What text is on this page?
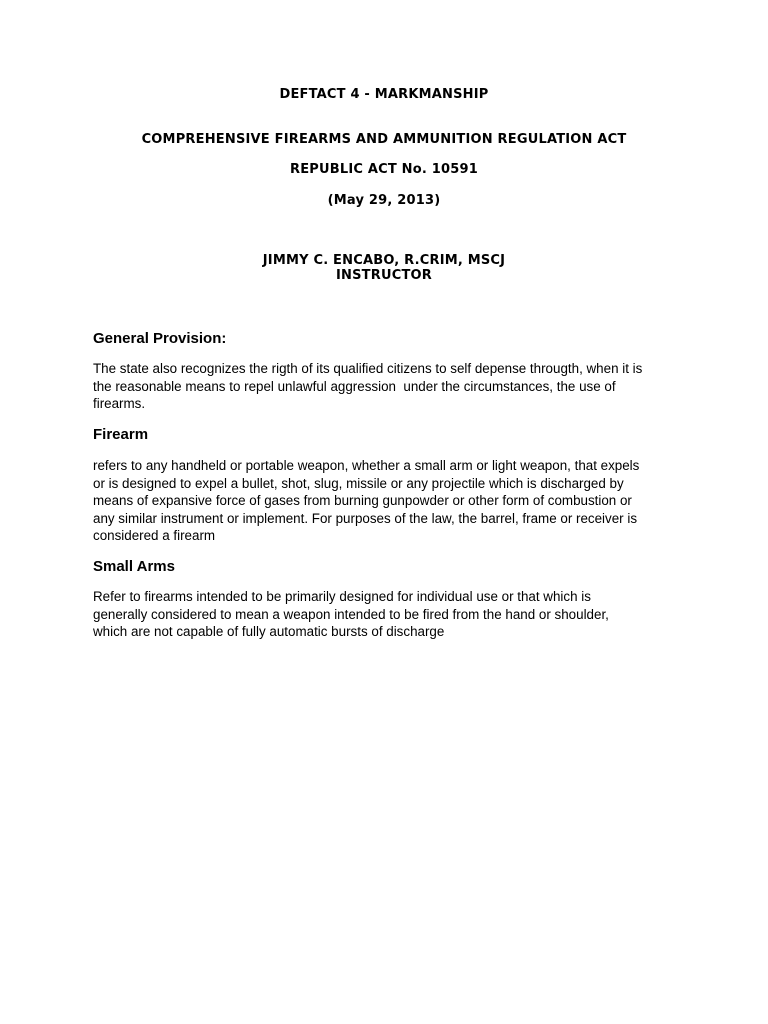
DEFTACT 4 - MARKMANSHIP
COMPREHENSIVE FIREARMS AND AMMUNITION REGULATION ACT
REPUBLIC ACT No. 10591
(May 29, 2013)
JIMMY C. ENCABO, R.CRIM, MSCJ
INSTRUCTOR
General Provision:
The state also recognizes the rigth of its qualified citizens to self depense througth, when it is
the reasonable means to repel unlawful aggression  under the circumstances, the use of
firearms.
Firearm
refers to any handheld or portable weapon, whether a small arm or light weapon, that expels
or is designed to expel a bullet, shot, slug, missile or any projectile which is discharged by
means of expansive force of gases from burning gunpowder or other form of combustion or
any similar instrument or implement. For purposes of the law, the barrel, frame or receiver is
considered a firearm
Small Arms
Refer to firearms intended to be primarily designed for individual use or that which is
generally considered to mean a weapon intended to be fired from the hand or shoulder,
which are not capable of fully automatic bursts of discharge
